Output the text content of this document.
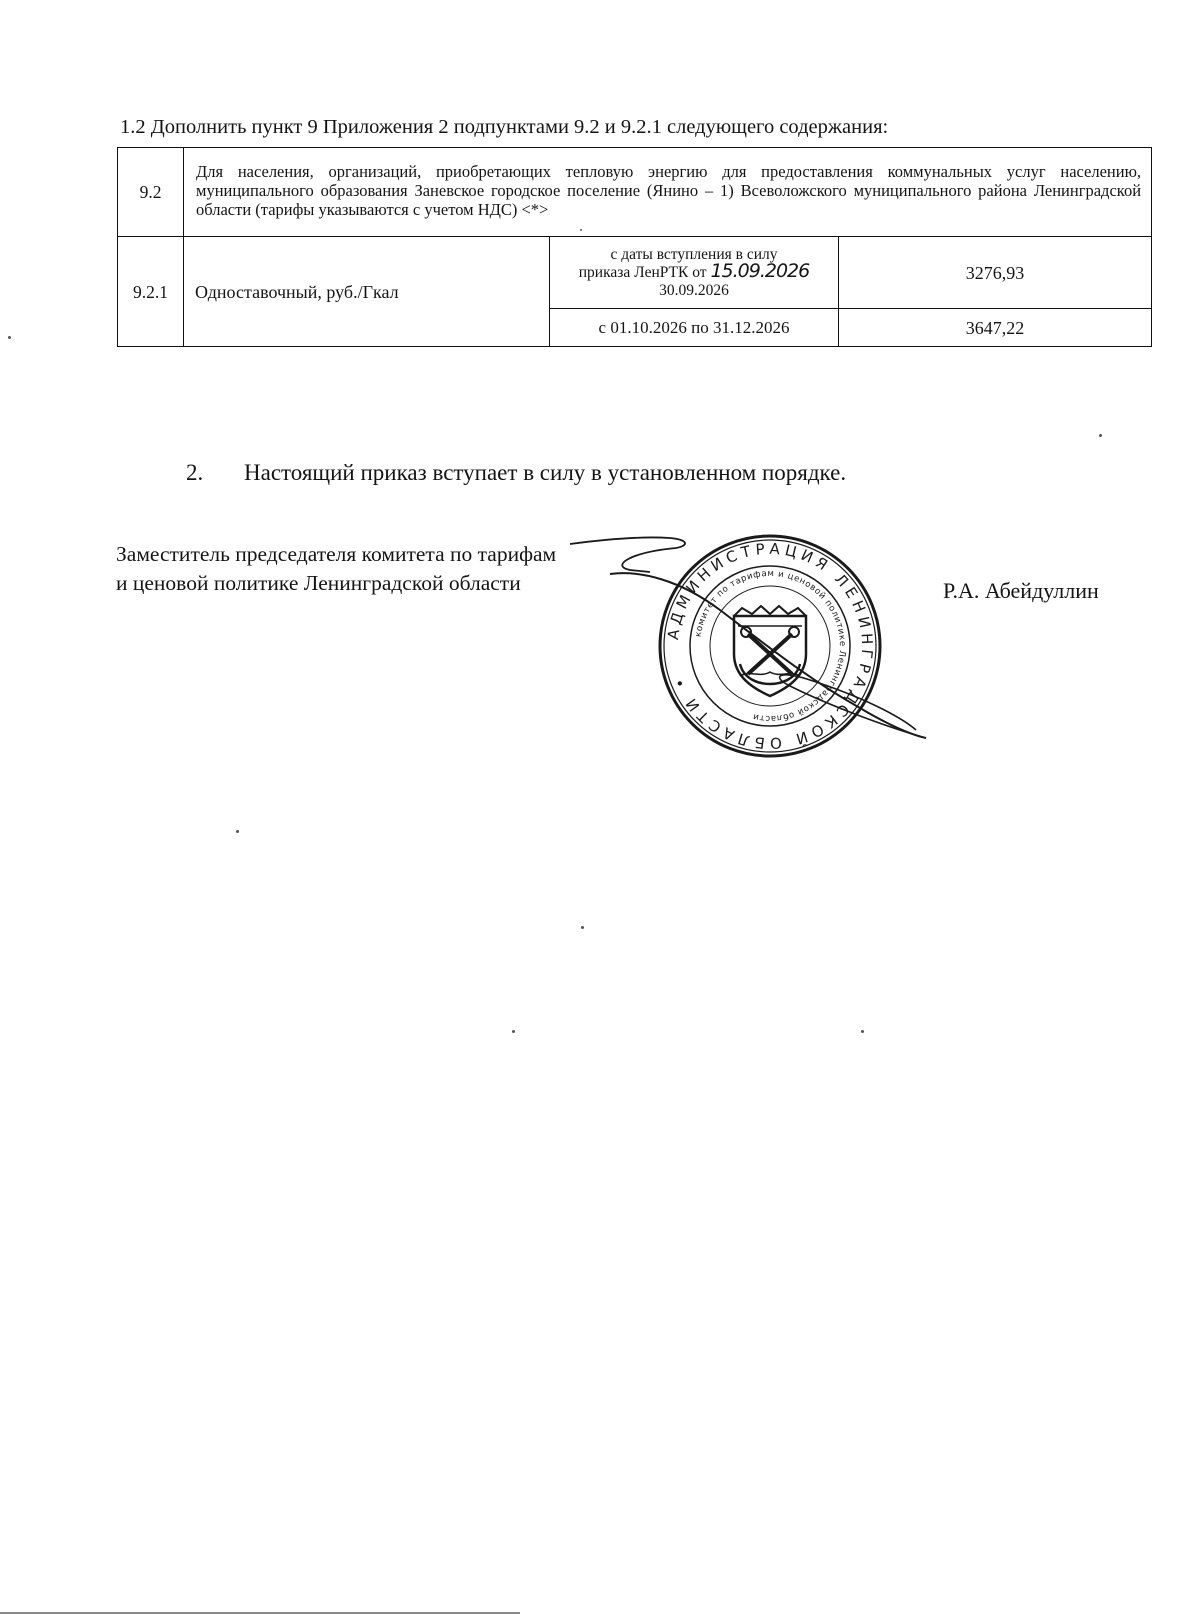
1.2 Дополнить пункт 9 Приложения 2 подпунктами 9.2 и 9.2.1 следующего содержания:
9.2	Для населения, организаций, приобретающих тепловую энергию для предоставления коммунальных услуг населению, муниципального образования Заневское городское поселение (Янино – 1) Всеволожского муниципального района Ленинградской области (тарифы указываются с учетом НДС) <*>		
9.2.1	Одноставочный, руб./Гкал	с даты вступления в силу
приказа ЛенРТК от 15.09.2026
30.09.2026	3276,93
		с 01.10.2026 по 31.12.2026	3647,22
2. Настоящий приказ вступает в силу в установленном порядке.
Заместитель председателя комитета по тарифам
и ценовой политике Ленинградской области	Р.А. Абейдуллин
АДМИНИСТРАЦИЯ ЛЕНИНГРАДСКОЙ ОБЛАСТИ •
комитет по тарифам и ценовой политике Ленинградской области
